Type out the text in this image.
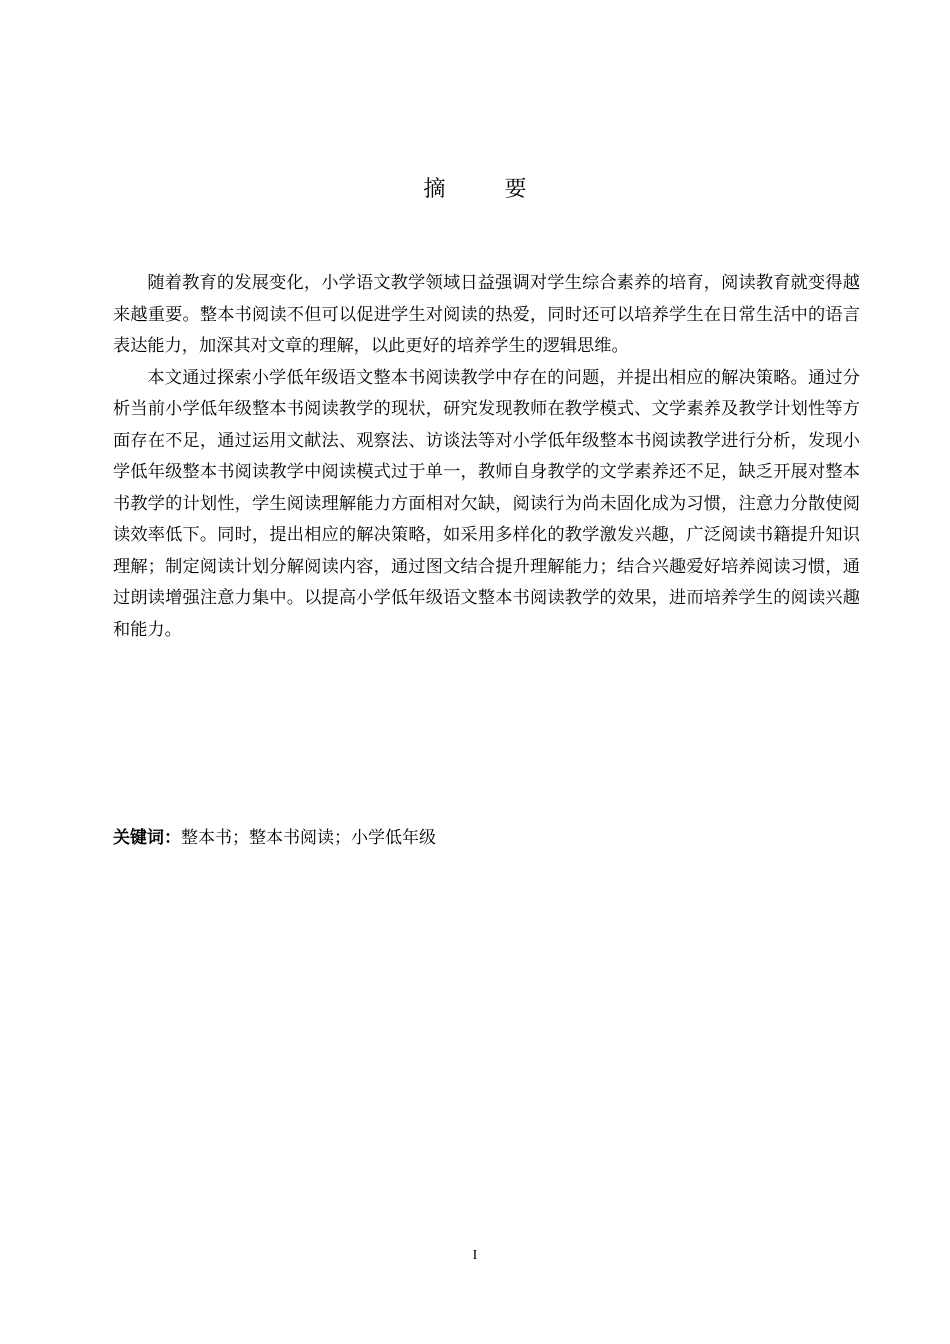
摘 要

随着教育的发展变化，小学语文教学领域日益强调对学生综合素养的培育，阅读教育就变得越来越重要。整本书阅读不但可以促进学生对阅读的热爱，同时还可以培养学生在日常生活中的语言表达能力，加深其对文章的理解，以此更好的培养学生的逻辑思维。

本文通过探索小学低年级语文整本书阅读教学中存在的问题，并提出相应的解决策略。通过分析当前小学低年级整本书阅读教学的现状，研究发现教师在教学模式、文学素养及教学计划性等方面存在不足，通过运用文献法、观察法、访谈法等对小学低年级整本书阅读教学进行分析，发现小学低年级整本书阅读教学中阅读模式过于单一，教师自身教学的文学素养还不足，缺乏开展对整本书教学的计划性，学生阅读理解能力方面相对欠缺，阅读行为尚未固化成为习惯，注意力分散使阅读效率低下。同时，提出相应的解决策略，如采用多样化的教学激发兴趣，广泛阅读书籍提升知识理解；制定阅读计划分解阅读内容，通过图文结合提升理解能力；结合兴趣爱好培养阅读习惯，通过朗读增强注意力集中。以提高小学低年级语文整本书阅读教学的效果，进而培养学生的阅读兴趣和能力。

关键词：整本书；整本书阅读；小学低年级
I
